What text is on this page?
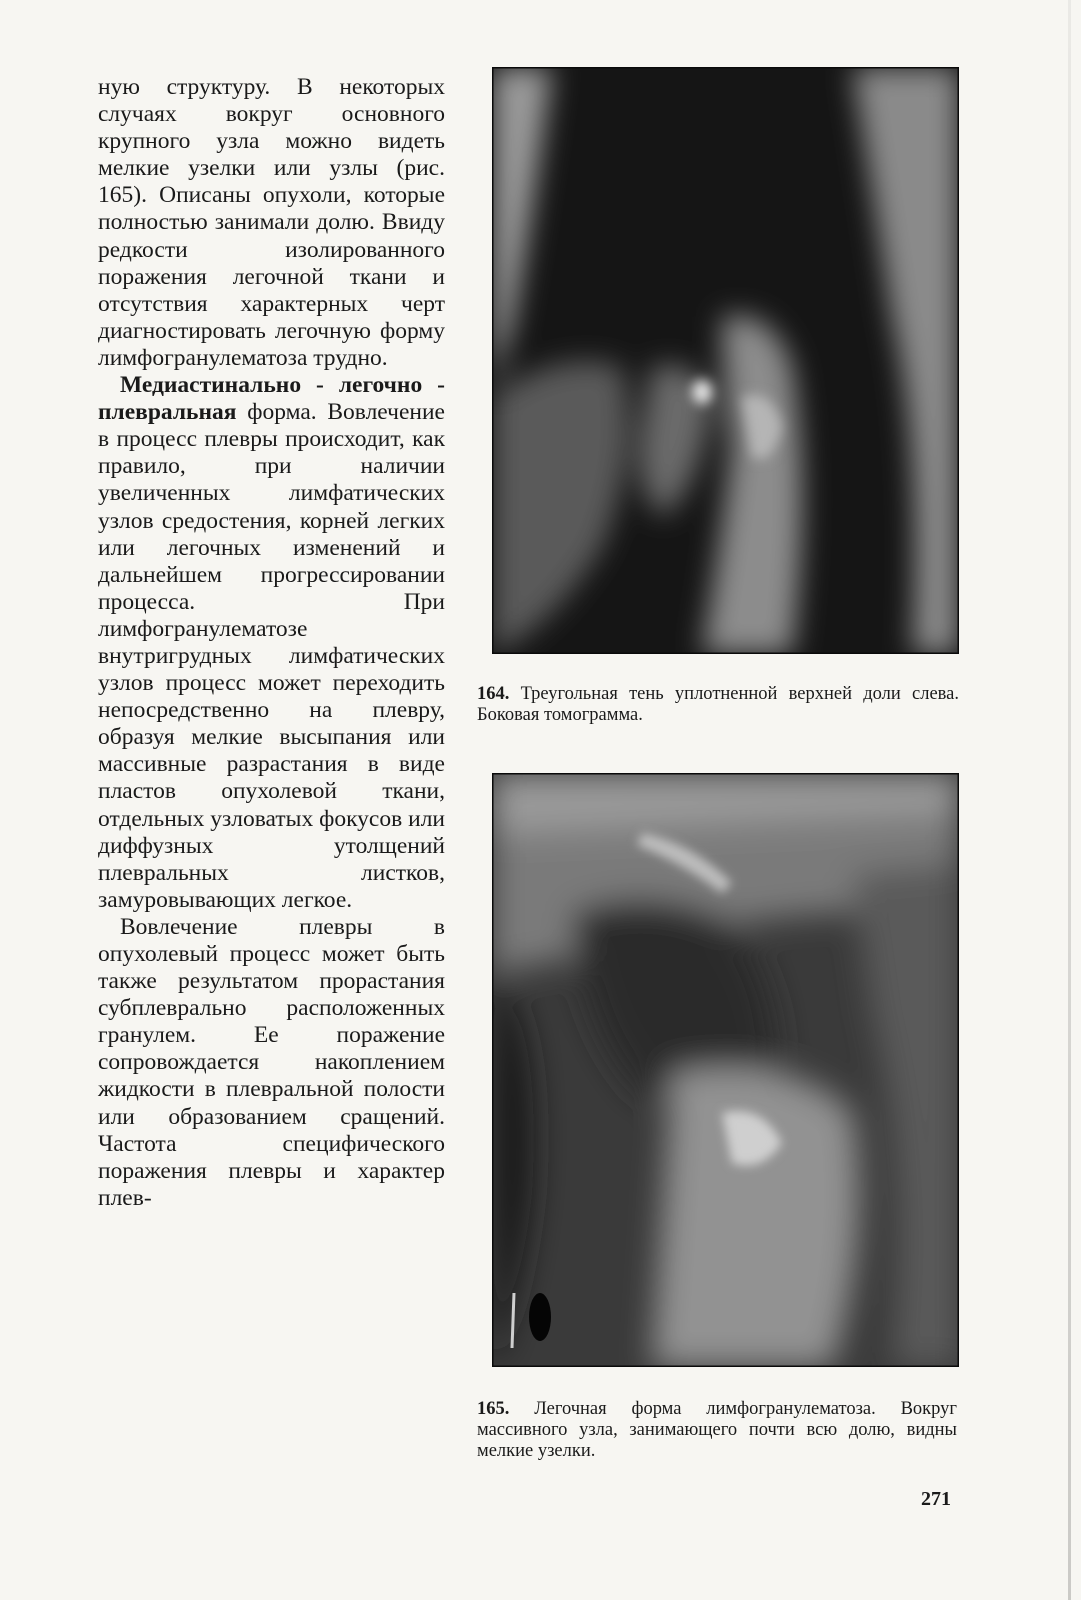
ную структуру. В некоторых случаях вокруг основного крупного узла можно видеть мелкие узелки или узлы (рис. 165). Описаны опухоли, которые полностью занимали долю. Ввиду редкости изолированного поражения легочной ткани и отсутствия характерных черт диагностировать легочную форму лимфогранулематоза трудно.

Медиастинально - легочно - плевральная форма. Вовлечение в процесс плевры происходит, как правило, при наличии увеличенных лимфатических узлов средостения, корней легких или легочных изменений и дальнейшем прогрессировании процесса. При лимфогранулематозе внутригрудных лимфатических узлов процесс может переходить непосредственно на плевру, образуя мелкие высыпания или массивные разрастания в виде пластов опухолевой ткани, отдельных узловатых фокусов или диффузных утолщений плевральных листков, замуровывающих легкое.

Вовлечение плевры в опухолевый процесс может быть также результатом прорастания субплеврально расположенных гранулем. Ее поражение сопровождается накоплением жидкости в плевральной полости или образованием сращений. Частота специфического поражения плевры и характер плев-

164. Треугольная тень уплотненной верхней доли слева. Боковая томограмма.
165. Легочная форма лимфогранулематоза. Вокруг массивного узла, занимающего почти всю долю, видны мелкие узелки.
271
